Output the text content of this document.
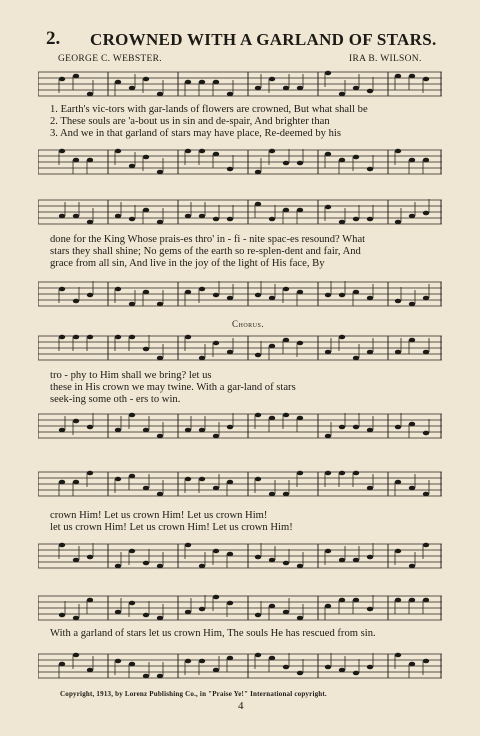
2. CROWNED WITH A GARLAND OF STARS.
GEORGE C. WEBSTER.	IRA B. WILSON.
1. Earth's vic-tors with gar-lands of flowers are crowned, But what shall be
2. These souls are 'a-bout us in sin and de-spair, And brighter than
3. And we in that garland of stars may have place, Re-deemed by his
done for the King Whose prais-es thro' in - fi - nite spac-es resound? What
stars they shall shine; No gems of the earth so re-splen-dent and fair, And
grace from all sin, And live in the joy of the light of His face, By
Chorus.
tro - phy to Him shall we bring? let us
these in His crown we may twine. With a gar-land of stars
seek-ing some oth - ers to win.
crown Him! Let us crown Him! Let us crown Him!
let us crown Him! Let us crown Him! Let us crown Him!
With a garland of stars let us crown Him, The souls He has rescued from sin.
Copyright, 1913, by Lorenz Publishing Co., in "Praise Ye!" International copyright.
4
